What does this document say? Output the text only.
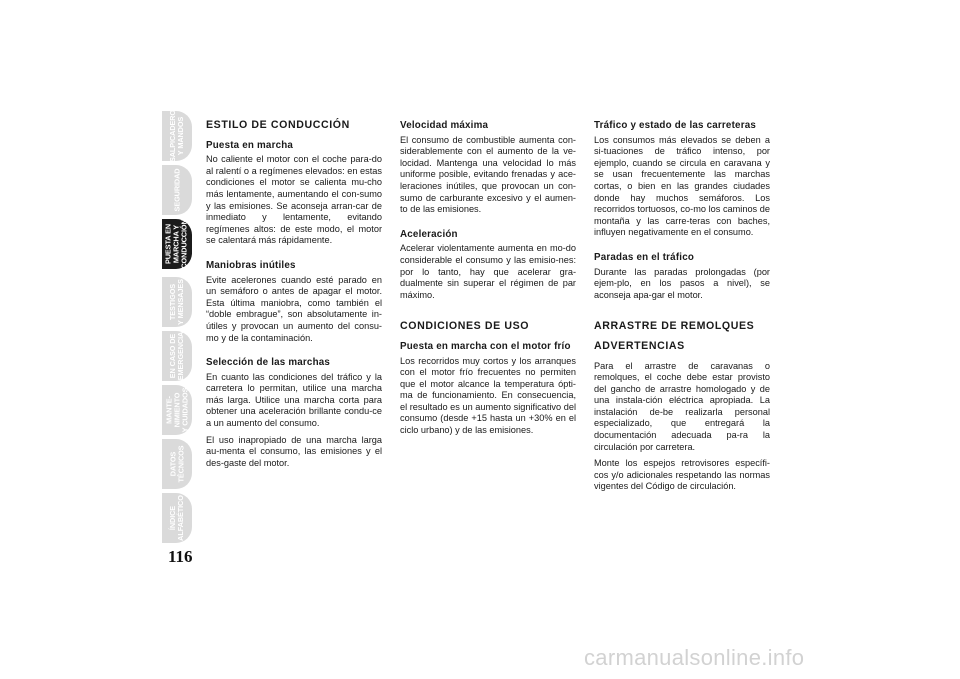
SALPICADERO
Y MANDOS
SEGURIDAD
PUESTA EN
MARCHA Y
CONDUCCIÓN
TESTIGOS
Y MENSAJES
EN CASO DE
EMERGENCIA
MANTE-
NIMIENTO
Y CUIDADOS
DATOS
TÉCNICOS
ÍNDICE
ALFABÉTICO
116
ESTILO DE CONDUCCIÓN
Puesta en marcha

No caliente el motor con el coche para-do al ralentí o a regímenes elevados: en estas condiciones el motor se calienta mu-cho más lentamente, aumentando el con-sumo y las emisiones. Se aconseja arran-car de inmediato y lentamente, evitando regímenes altos: de este modo, el motor se calentará más rápidamente.

Maniobras inútiles

Evite acelerones cuando esté parado en un semáforo o antes de apagar el motor. Esta última maniobra, como también el “doble embrague”, son absolutamente in-útiles y provocan un aumento del consu-mo y de la contaminación.

Selección de las marchas

En cuanto las condiciones del tráfico y la carretera lo permitan, utilice una marcha más larga. Utilice una marcha corta para obtener una aceleración brillante condu-ce a un aumento del consumo.

El uso inapropiado de una marcha larga au-menta el consumo, las emisiones y el des-gaste del motor.

Velocidad máxima

El consumo de combustible aumenta con-siderablemente con el aumento de la ve-locidad. Mantenga una velocidad lo más uniforme posible, evitando frenadas y ace-leraciones inútiles, que provocan un con-sumo de carburante excesivo y el aumen-to de las emisiones.

Aceleración

Acelerar violentamente aumenta en mo-do considerable el consumo y las emisio-nes: por lo tanto, hay que acelerar gra-dualmente sin superar el régimen de par máximo.

CONDICIONES DE USO
Puesta en marcha con el motor frío

Los recorridos muy cortos y los arranques con el motor frío frecuentes no permiten que el motor alcance la temperatura ópti-ma de funcionamiento. En consecuencia, el resultado es un aumento significativo del consumo (desde +15 hasta un +30% en el ciclo urbano) y de las emisiones.

Tráfico y estado de las carreteras

Los consumos más elevados se deben a si-tuaciones de tráfico intenso, por ejemplo, cuando se circula en caravana y se usan frecuentemente las marchas cortas, o bien en las grandes ciudades donde hay muchos semáforos. Los recorridos tortuosos, co-mo los caminos de montaña y las carre-teras con baches, influyen negativamente en el consumo.

Paradas en el tráfico

Durante las paradas prolongadas (por ejem-plo, en los pasos a nivel), se aconseja apa-gar el motor.

ARRASTRE DE REMOLQUES
ADVERTENCIAS

Para el arrastre de caravanas o remolques, el coche debe estar provisto del gancho de arrastre homologado y de una instala-ción eléctrica apropiada. La instalación de-be realizarla personal especializado, que entregará la documentación adecuada pa-ra la circulación por carretera.

Monte los espejos retrovisores específi-cos y/o adicionales respetando las normas vigentes del Código de circulación.

carmanualsonline.info
